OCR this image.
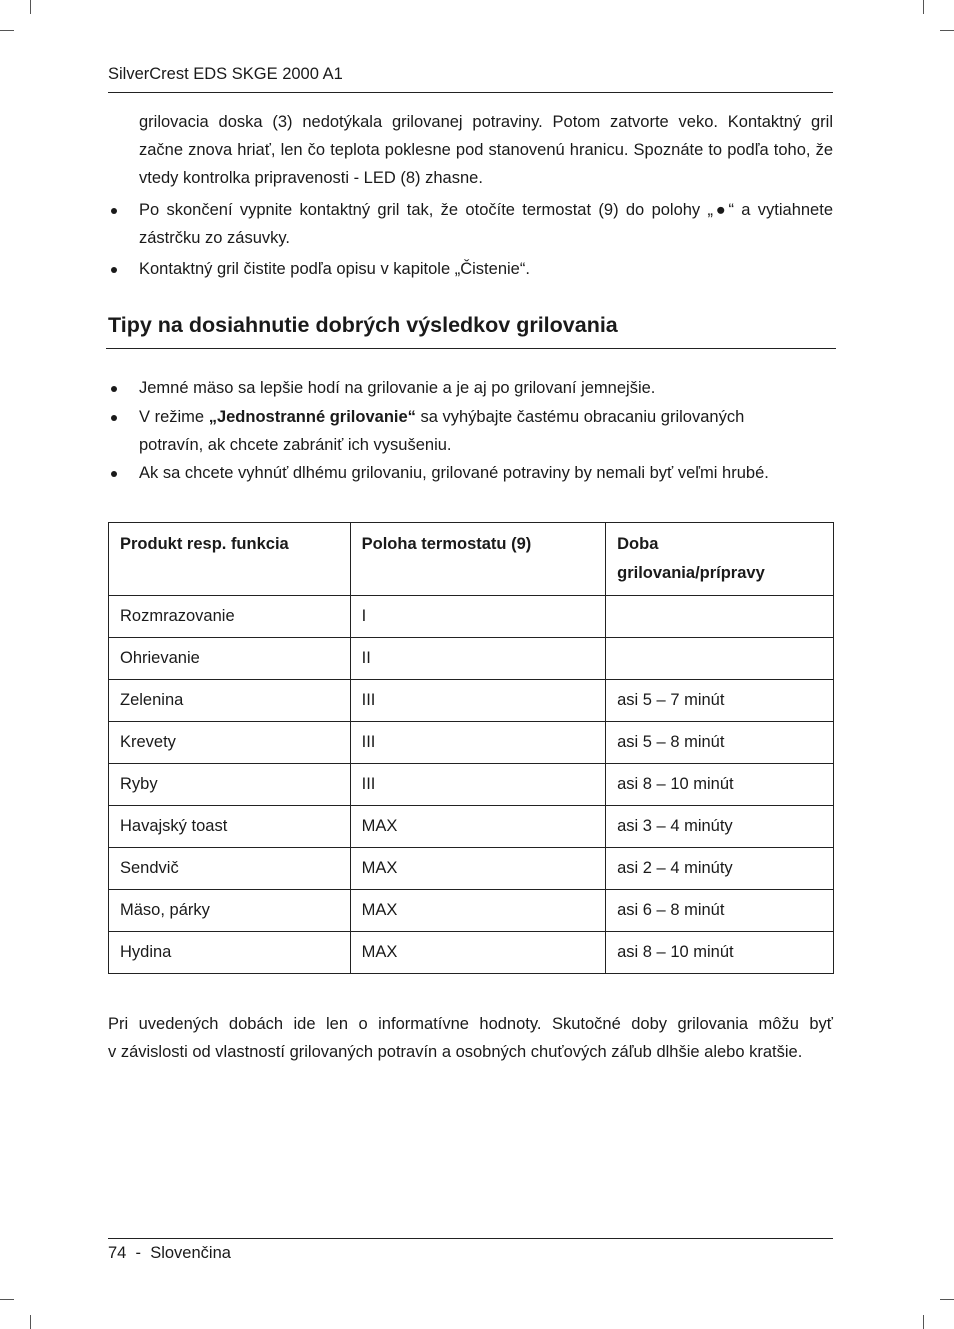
SilverCrest EDS SKGE 2000 A1
grilovacia doska (3) nedotýkala grilovanej potraviny. Potom zatvorte veko. Kontaktný gril
začne znova hriať, len čo teplota poklesne pod stanovenú hranicu. Spoznáte to podľa toho, že
vtedy kontrolka pripravenosti - LED (8) zhasne.
Po skončení vypnite kontaktný gril tak, že otočíte termostat (9) do polohy „●“ a vytiahnete
zástrčku zo zásuvky.
Kontaktný gril čistite podľa opisu v kapitole „Čistenie“.
Tipy na dosiahnutie dobrých výsledkov grilovania
Jemné mäso sa lepšie hodí na grilovanie a je aj po grilovaní jemnejšie.
V režime „Jednostranné grilovanie“ sa vyhýbajte častému obracaniu grilovaných
potravín, ak chcete zabrániť ich vysušeniu.
Ak sa chcete vyhnúť dlhému grilovaniu, grilované potraviny by nemali byť veľmi hrubé.
Produkt resp. funkcia	Poloha termostatu (9)	Doba grilovania/prípravy
Rozmrazovanie	I	
Ohrievanie	II	
Zelenina	III	asi 5 – 7 minút
Krevety	III	asi 5 – 8 minút
Ryby	III	asi 8 – 10 minút
Havajský toast	MAX	asi 3 – 4 minúty
Sendvič	MAX	asi 2 – 4 minúty
Mäso, párky	MAX	asi 6 – 8 minút
Hydina	MAX	asi 8 – 10 minút
Pri uvedených dobách ide len o informatívne hodnoty. Skutočné doby grilovania môžu byť
v závislosti od vlastností grilovaných potravín a osobných chuťových záľub dlhšie alebo kratšie.
74 - Slovenčina
